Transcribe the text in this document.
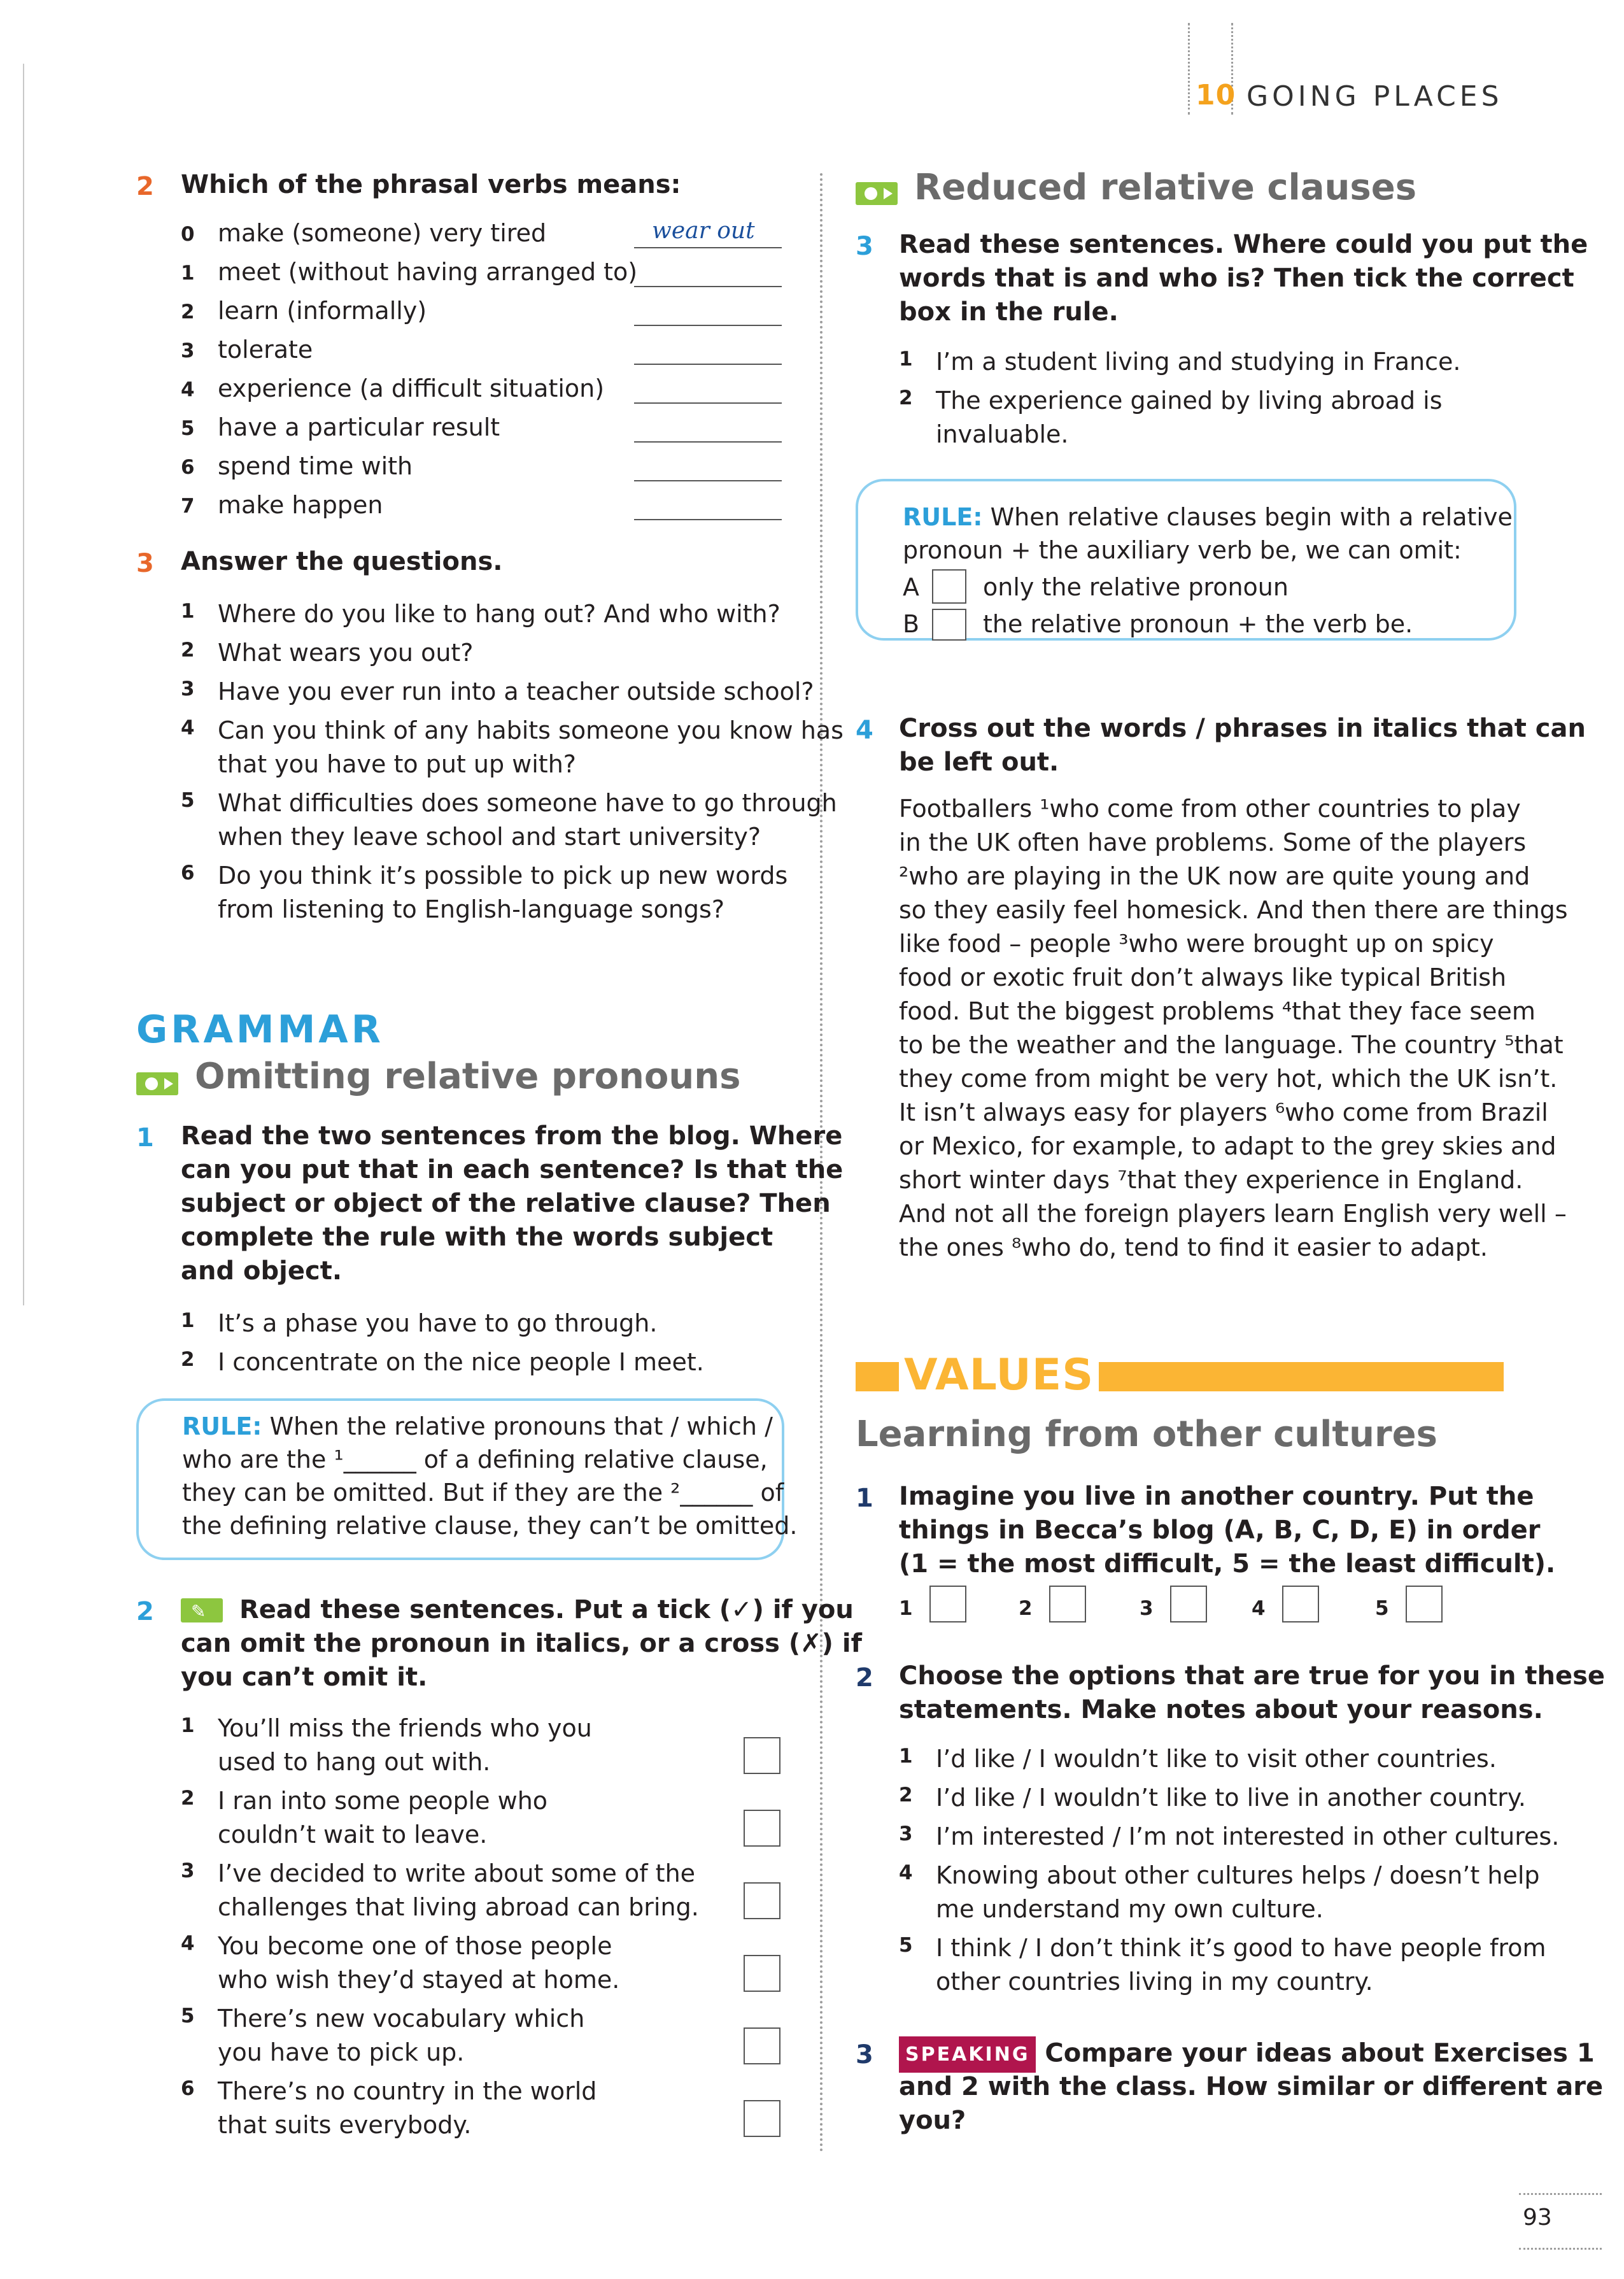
10 GOING PLACES
2 Which of the phrasal verbs means:
0 make (someone) very tired	wear out
1 meet (without having arranged to)
2 learn (informally)
3 tolerate
4 experience (a difficult situation)
5 have a particular result
6 spend time with
7 make happen
3 Answer the questions.
1 Where do you like to hang out? And who with?
2 What wears you out?
3 Have you ever run into a teacher outside school?
4 Can you think of any habits someone you know has
that you have to put up with?
5 What difficulties does someone have to go through
when they leave school and start university?
6 Do you think it’s possible to pick up new words
from listening to English-language songs?
GRAMMAR
Omitting relative pronouns
1 Read the two sentences from the blog. Where
can you put that in each sentence? Is that the
subject or object of the relative clause? Then
complete the rule with the words subject
and object.
1 It’s a phase you have to go through.
2 I concentrate on the nice people I meet.
RULE: When the relative pronouns that / which /
who are the ¹______ of a defining relative clause,
they can be omitted. But if they are the ²______ of
the defining relative clause, they can’t be omitted.
2 ✎ Read these sentences. Put a tick (✓) if you
can omit the pronoun in italics, or a cross (✗) if
you can’t omit it.
1 You’ll miss the friends who you
used to hang out with.
2 I ran into some people who
couldn’t wait to leave.
3 I’ve decided to write about some of the
challenges that living abroad can bring.
4 You become one of those people
who wish they’d stayed at home.
5 There’s new vocabulary which
you have to pick up.
6 There’s no country in the world
that suits everybody.
Reduced relative clauses
3 Read these sentences. Where could you put the
words that is and who is? Then tick the correct
box in the rule.
1 I’m a student living and studying in France.
2 The experience gained by living abroad is
invaluable.
RULE: When relative clauses begin with a relative
pronoun + the auxiliary verb be, we can omit:
A	only the relative pronoun
B	the relative pronoun + the verb be.
4 Cross out the words / phrases in italics that can
be left out.
Footballers ¹who come from other countries to play
in the UK often have problems. Some of the players
²who are playing in the UK now are quite young and
so they easily feel homesick. And then there are things
like food – people ³who were brought up on spicy
food or exotic fruit don’t always like typical British
food. But the biggest problems ⁴that they face seem
to be the weather and the language. The country ⁵that
they come from might be very hot, which the UK isn’t.
It isn’t always easy for players ⁶who come from Brazil
or Mexico, for example, to adapt to the grey skies and
short winter days ⁷that they experience in England.
And not all the foreign players learn English very well –
the ones ⁸who do, tend to find it easier to adapt.
VALUES
Learning from other cultures
1 Imagine you live in another country. Put the
things in Becca’s blog (A, B, C, D, E) in order
(1 = the most difficult, 5 = the least difficult).
1	2	3	4	5
2 Choose the options that are true for you in these
statements. Make notes about your reasons.
1 I’d like / I wouldn’t like to visit other countries.
2 I’d like / I wouldn’t like to live in another country.
3 I’m interested / I’m not interested in other cultures.
4 Knowing about other cultures helps / doesn’t help
me understand my own culture.
5 I think / I don’t think it’s good to have people from
other countries living in my country.
3	SPEAKING Compare your ideas about Exercises 1
and 2 with the class. How similar or different are
you?
93
